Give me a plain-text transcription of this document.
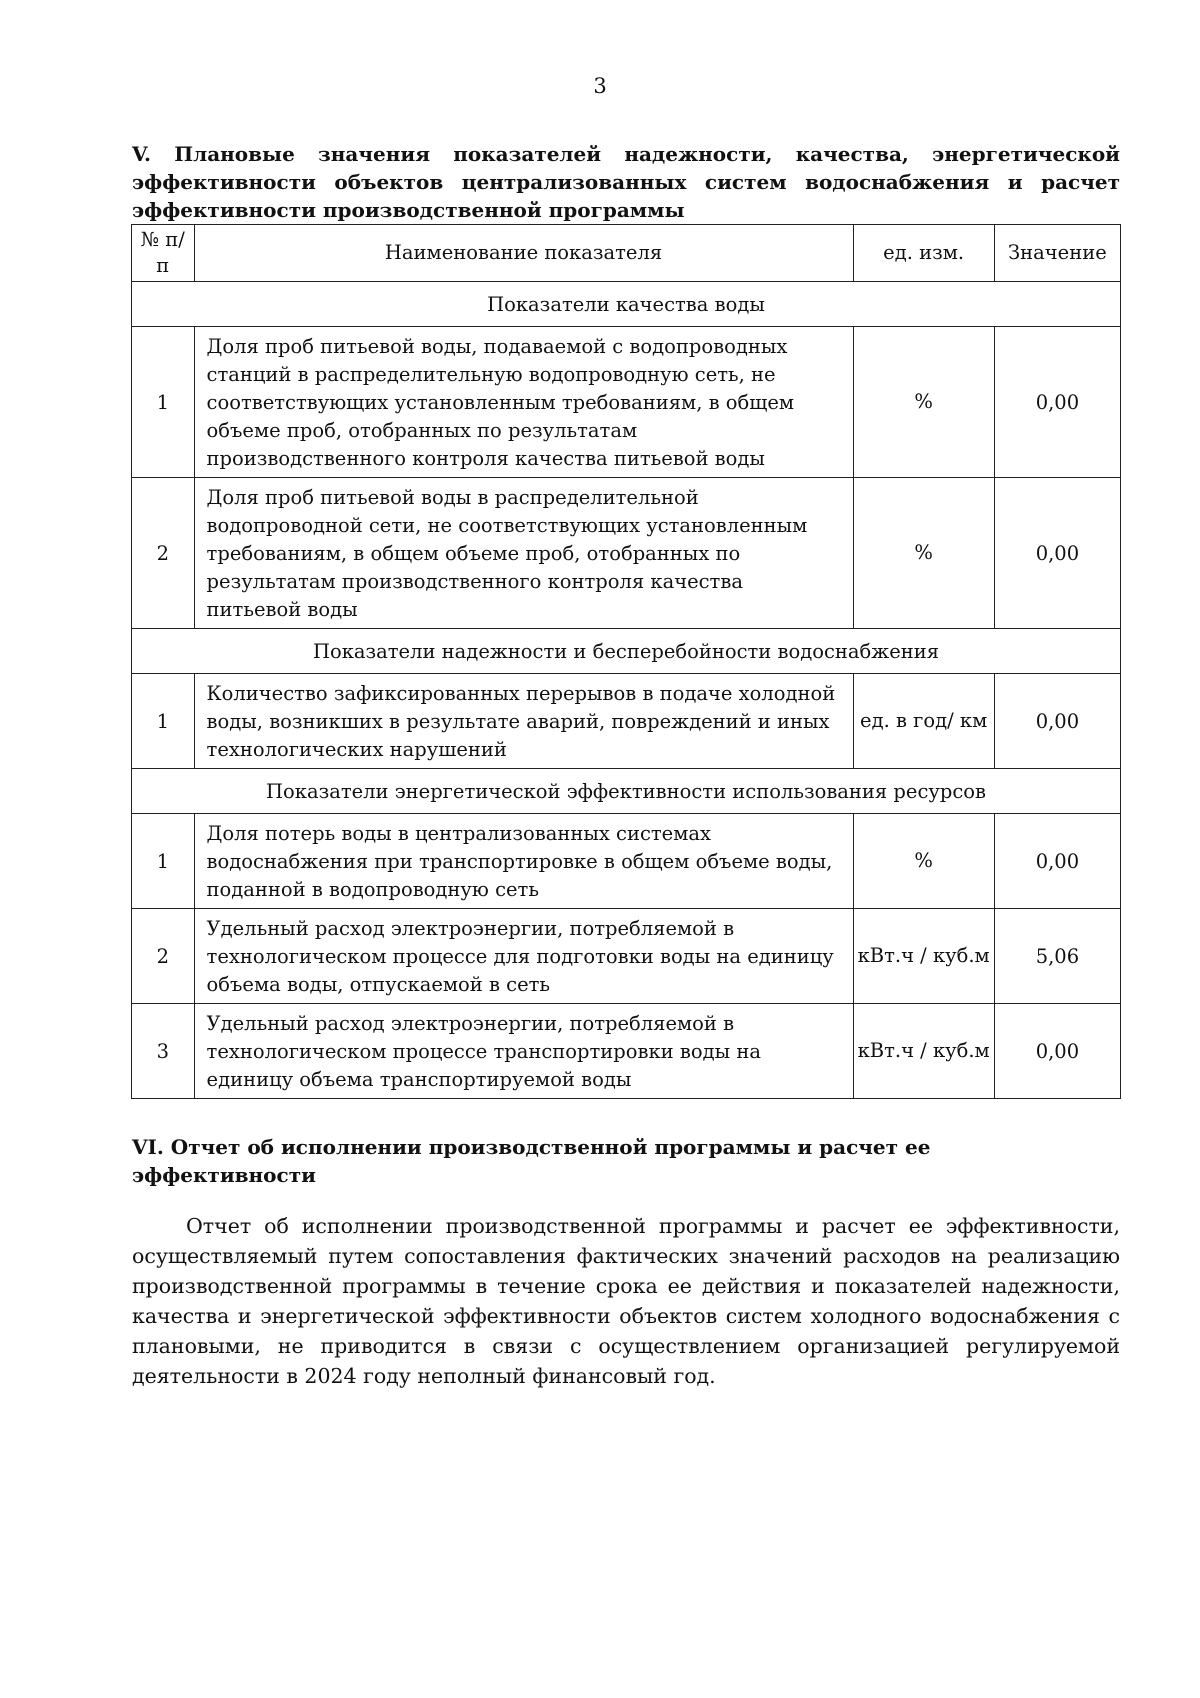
3

V. Плановые значения показателей надежности, качества, энергетической эффективности объектов централизованных систем водоснабжения и расчет эффективности производственной программы

№ п/п	Наименование показателя	ед. изм.	Значение
Показатели качества воды			
1	Доля проб питьевой воды, подаваемой с водопроводных станций в распределительную водопроводную сеть, не соответствующих установленным требованиям, в общем объеме проб, отобранных по результатам производственного контроля качества питьевой воды	%	0,00
2	Доля проб питьевой воды в распределительной водопроводной сети, не соответствующих установленным требованиям, в общем объеме проб, отобранных по результатам производственного контроля качества питьевой воды	%	0,00
Показатели надежности и бесперебойности водоснабжения			
1	Количество зафиксированных перерывов в подаче холодной воды, возникших в результате аварий, повреждений и иных технологических нарушений	ед. в год/ км	0,00
Показатели энергетической эффективности использования ресурсов			
1	Доля потерь воды в централизованных системах водоснабжения при транспортировке в общем объеме воды, поданной в водопроводную сеть	%	0,00
2	Удельный расход электроэнергии, потребляемой в технологическом процессе для подготовки воды на единицу объема воды, отпускаемой в сеть	кВт.ч / куб.м	5,06
3	Удельный расход электроэнергии, потребляемой в технологическом процессе транспортировки воды на единицу объема транспортируемой воды	кВт.ч / куб.м	0,00

VI. Отчет об исполнении производственной программы и расчет ее эффективности

Отчет об исполнении производственной программы и расчет ее эффективности, осуществляемый путем сопоставления фактических значений расходов на реализацию производственной программы в течение срока ее действия и показателей надежности, качества и энергетической эффективности объектов систем холодного водоснабжения с плановыми, не приводится в связи с осуществлением организацией регулируемой деятельности в 2024 году неполный финансовый год.
